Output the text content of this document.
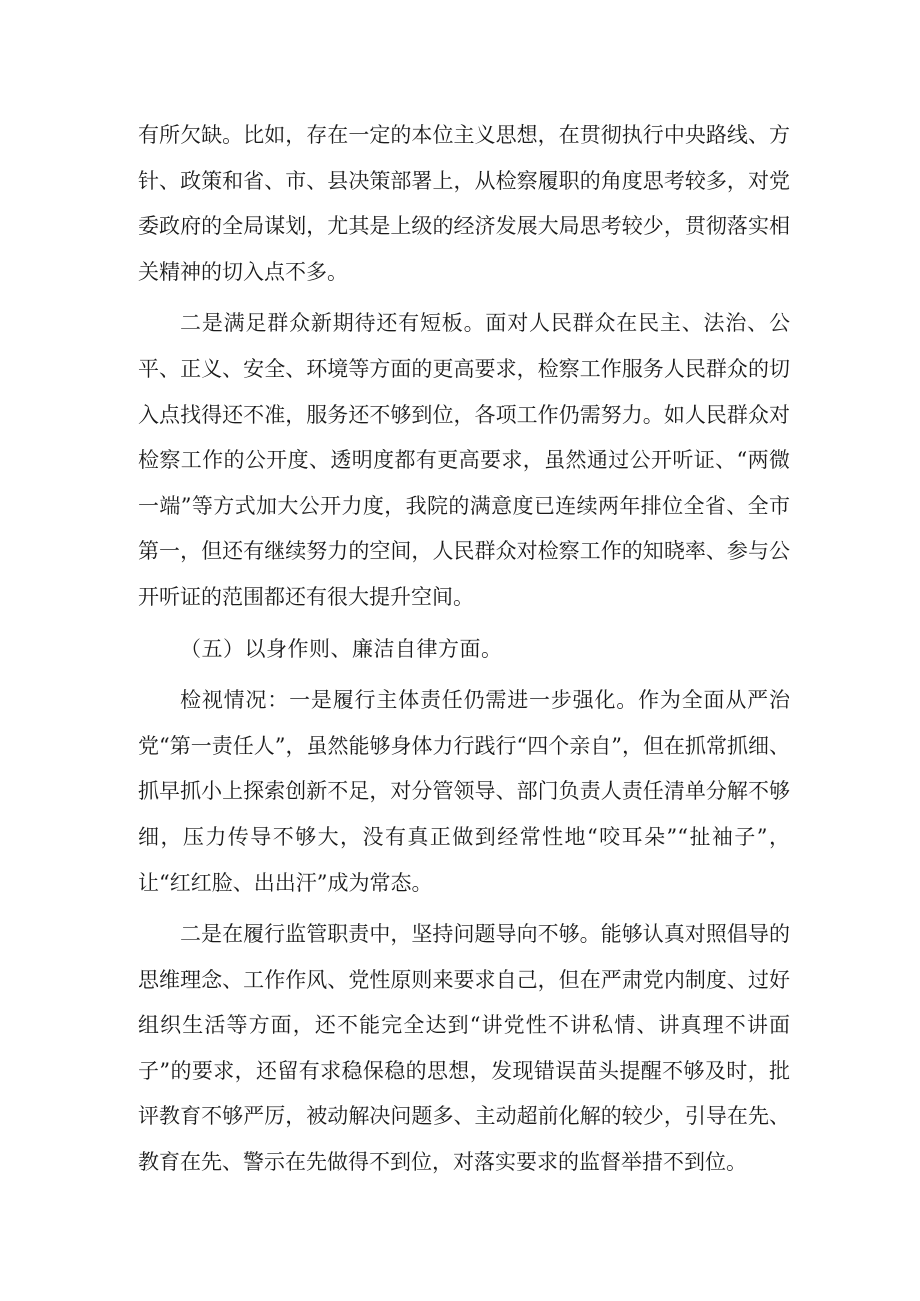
有所欠缺。比如，存在一定的本位主义思想，在贯彻执行中央路线、方针、政策和省、市、县决策部署上，从检察履职的角度思考较多，对党委政府的全局谋划，尤其是上级的经济发展大局思考较少，贯彻落实相关精神的切入点不多。

二是满足群众新期待还有短板。面对人民群众在民主、法治、公平、正义、安全、环境等方面的更高要求，检察工作服务人民群众的切入点找得还不准，服务还不够到位，各项工作仍需努力。如人民群众对检察工作的公开度、透明度都有更高要求，虽然通过公开听证、“两微一端”等方式加大公开力度，我院的满意度已连续两年排位全省、全市第一，但还有继续努力的空间，人民群众对检察工作的知晓率、参与公开听证的范围都还有很大提升空间。

（五）以身作则、廉洁自律方面。

检视情况：一是履行主体责任仍需进一步强化。作为全面从严治党“第一责任人”，虽然能够身体力行践行“四个亲自”，但在抓常抓细、抓早抓小上探索创新不足，对分管领导、部门负责人责任清单分解不够细，压力传导不够大，没有真正做到经常性地“咬耳朵”“扯袖子”，让“红红脸、出出汗”成为常态。

二是在履行监管职责中，坚持问题导向不够。能够认真对照倡导的思维理念、工作作风、党性原则来要求自己，但在严肃党内制度、过好组织生活等方面，还不能完全达到“讲党性不讲私情、讲真理不讲面子”的要求，还留有求稳保稳的思想，发现错误苗头提醒不够及时，批评教育不够严厉，被动解决问题多、主动超前化解的较少，引导在先、教育在先、警示在先做得不到位，对落实要求的监督举措不到位。
